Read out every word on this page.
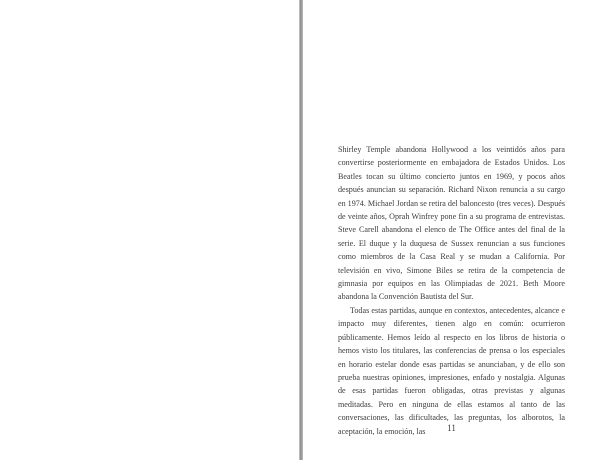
Shirley Temple abandona Hollywood a los veintidós años para convertirse posteriormente en embajadora de Estados Unidos. Los Beatles tocan su último concierto juntos en 1969, y pocos años después anuncian su separación. Richard Nixon renuncia a su cargo en 1974. Michael Jordan se retira del baloncesto (tres veces). Después de veinte años, Oprah Winfrey pone fin a su programa de entrevistas. Steve Carell abandona el elenco de The Office antes del final de la serie. El duque y la duquesa de Sussex renuncian a sus funciones como miembros de la Casa Real y se mudan a California. Por televisión en vivo, Simone Biles se retira de la competencia de gimnasia por equipos en las Olimpiadas de 2021. Beth Moore abandona la Convención Bautista del Sur.

Todas estas partidas, aunque en contextos, antecedentes, alcance e impacto muy diferentes, tienen algo en común: ocurrieron públicamente. Hemos leído al respecto en los libros de historia o hemos visto los titulares, las conferencias de prensa o los especiales en horario estelar donde esas partidas se anunciaban, y de ello son prueba nuestras opiniones, impresiones, enfado y nostalgia. Algunas de esas partidas fueron obligadas, otras previstas y algunas meditadas. Pero en ninguna de ellas estamos al tanto de las conversaciones, las dificultades, las preguntas, los alborotos, la aceptación, la emoción, las	11
